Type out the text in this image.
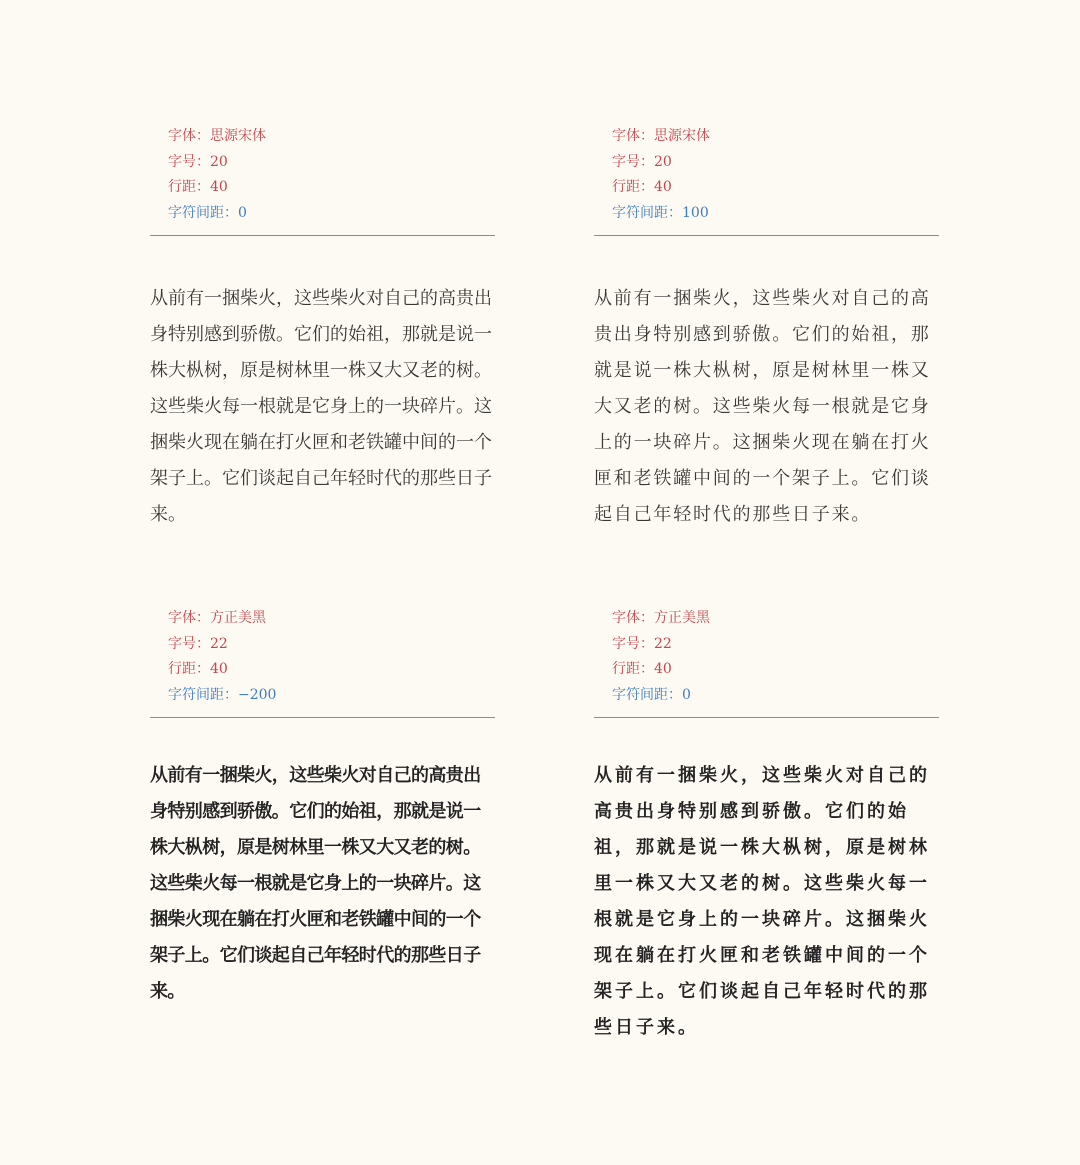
字体：思源宋体
字号：20
行距：40
字符间距：0
从前有一捆柴火，这些柴火对自己的高贵出身特别感到骄傲。它们的始祖，那就是说一株大枞树，原是树林里一株又大又老的树。这些柴火每一根就是它身上的一块碎片。这捆柴火现在躺在打火匣和老铁罐中间的一个架子上。它们谈起自己年轻时代的那些日子来。
字体：思源宋体
字号：20
行距：40
字符间距：100
从前有一捆柴火，这些柴火对自己的高贵出身特别感到骄傲。它们的始祖，那就是说一株大枞树，原是树林里一株又大又老的树。这些柴火每一根就是它身上的一块碎片。这捆柴火现在躺在打火匣和老铁罐中间的一个架子上。它们谈起自己年轻时代的那些日子来。
字体：方正美黑
字号：22
行距：40
字符间距：−200
从前有一捆柴火，这些柴火对自己的高贵出身特别感到骄傲。它们的始祖，那就是说一株大枞树，原是树林里一株又大又老的树。这些柴火每一根就是它身上的一块碎片。这捆柴火现在躺在打火匣和老铁罐中间的一个架子上。它们谈起自己年轻时代的那些日子来。
字体：方正美黑
字号：22
行距：40
字符间距：0
从前有一捆柴火，这些柴火对自己的高贵出身特别感到骄傲。它们的始祖，那就是说一株大枞树，原是树林里一株又大又老的树。这些柴火每一根就是它身上的一块碎片。这捆柴火现在躺在打火匣和老铁罐中间的一个架子上。它们谈起自己年轻时代的那些日子来。
